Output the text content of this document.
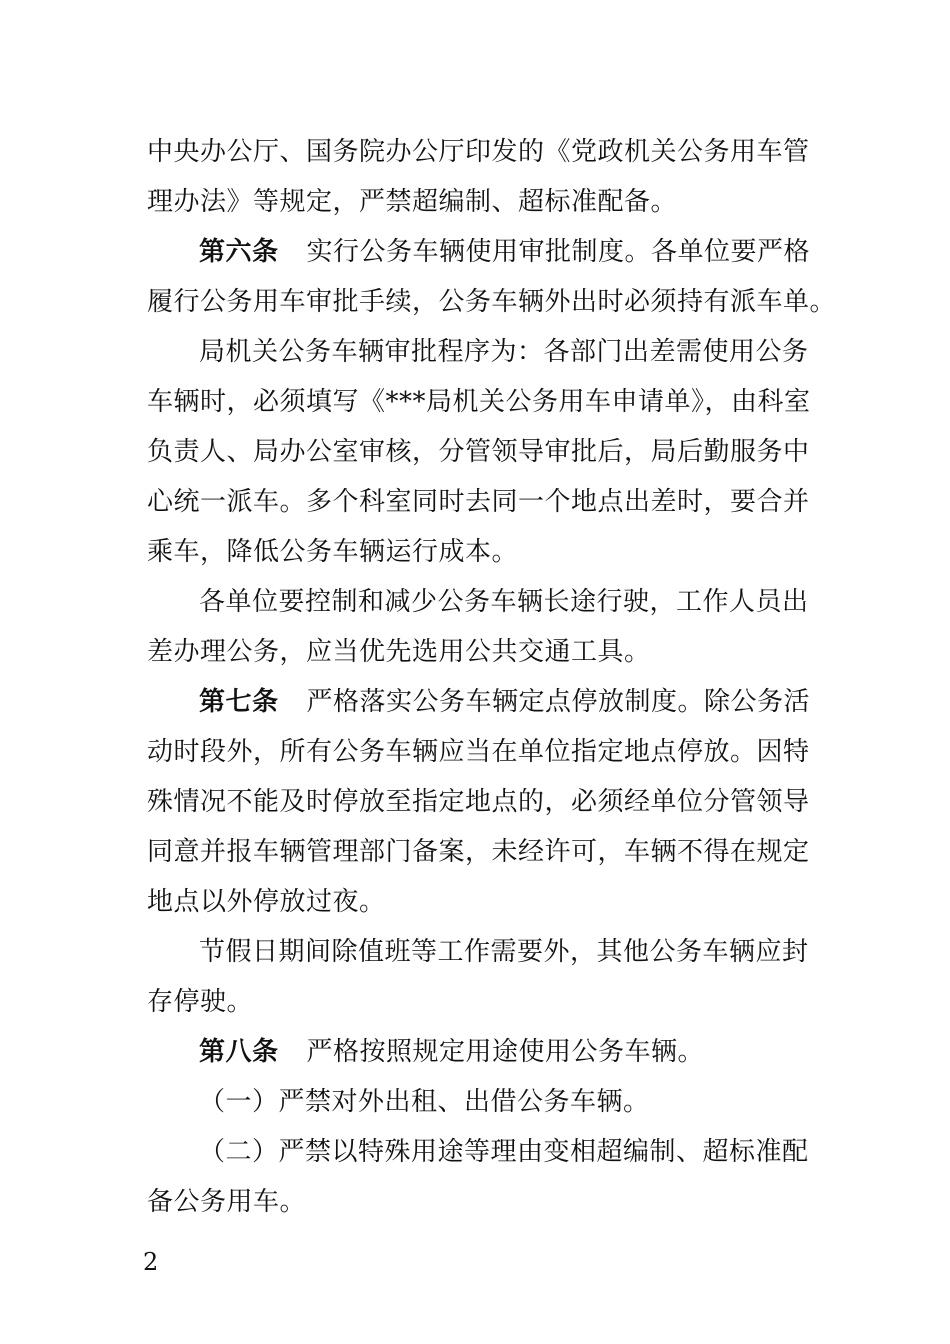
中央办公厅、国务院办公厅印发的《党政机关公务用车管
理办法》等规定，严禁超编制、超标准配备。
第六条 实行公务车辆使用审批制度。各单位要严格
履行公务用车审批手续，公务车辆外出时必须持有派车单。
局机关公务车辆审批程序为：各部门出差需使用公务
车辆时，必须填写《***局机关公务用车申请单》，由科室
负责人、局办公室审核，分管领导审批后，局后勤服务中
心统一派车。多个科室同时去同一个地点出差时，要合并
乘车，降低公务车辆运行成本。
各单位要控制和减少公务车辆长途行驶，工作人员出
差办理公务，应当优先选用公共交通工具。
第七条 严格落实公务车辆定点停放制度。除公务活
动时段外，所有公务车辆应当在单位指定地点停放。因特
殊情况不能及时停放至指定地点的，必须经单位分管领导
同意并报车辆管理部门备案，未经许可，车辆不得在规定
地点以外停放过夜。
节假日期间除值班等工作需要外，其他公务车辆应封
存停驶。
第八条 严格按照规定用途使用公务车辆。
（一）严禁对外出租、出借公务车辆。
（二）严禁以特殊用途等理由变相超编制、超标准配
备公务用车。
2
